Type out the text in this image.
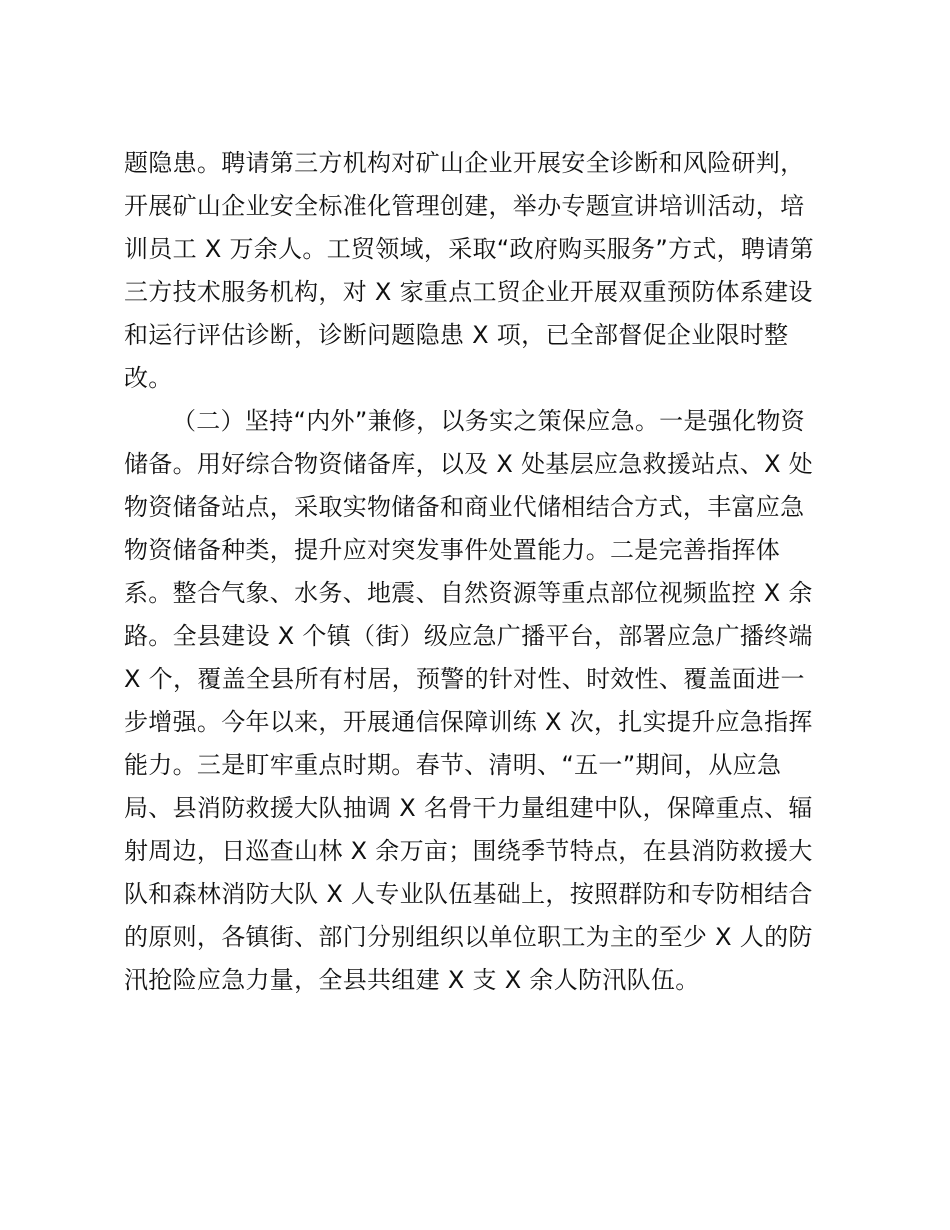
题隐患。聘请第三方机构对矿山企业开展安全诊断和风险研判，
开展矿山企业安全标准化管理创建，举办专题宣讲培训活动，培
训员工 X 万余人。工贸领域，采取“政府购买服务”方式，聘请第
三方技术服务机构，对 X 家重点工贸企业开展双重预防体系建设
和运行评估诊断，诊断问题隐患 X 项，已全部督促企业限时整
改。
（二）坚持“内外”兼修，以务实之策保应急。一是强化物资
储备。用好综合物资储备库，以及 X 处基层应急救援站点、X 处
物资储备站点，采取实物储备和商业代储相结合方式，丰富应急
物资储备种类，提升应对突发事件处置能力。二是完善指挥体
系。整合气象、水务、地震、自然资源等重点部位视频监控 X 余
路。全县建设 X 个镇（街）级应急广播平台，部署应急广播终端
X 个，覆盖全县所有村居，预警的针对性、时效性、覆盖面进一
步增强。今年以来，开展通信保障训练 X 次，扎实提升应急指挥
能力。三是盯牢重点时期。春节、清明、“五一”期间，从应急
局、县消防救援大队抽调 X 名骨干力量组建中队，保障重点、辐
射周边，日巡查山林 X 余万亩；围绕季节特点，在县消防救援大
队和森林消防大队 X 人专业队伍基础上，按照群防和专防相结合
的原则，各镇街、部门分别组织以单位职工为主的至少 X 人的防
汛抢险应急力量，全县共组建 X 支 X 余人防汛队伍。
